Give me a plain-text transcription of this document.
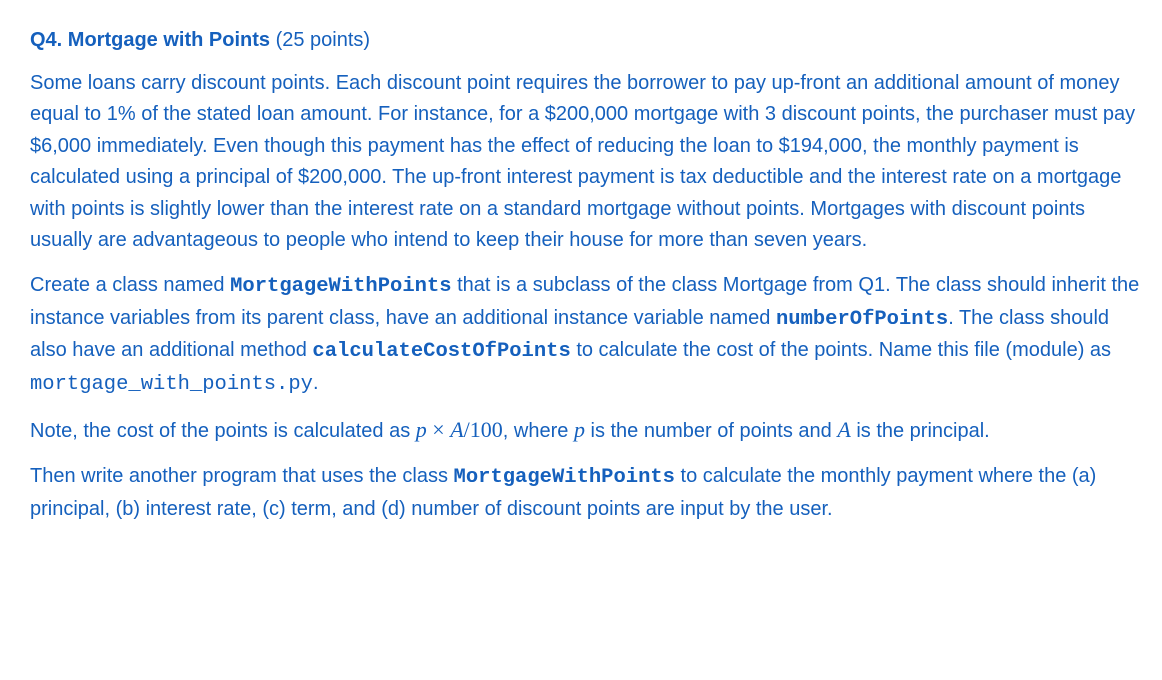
Q4. Mortgage with Points (25 points)

Some loans carry discount points. Each discount point requires the borrower to pay up-front an additional amount of money equal to 1% of the stated loan amount. For instance, for a $200,000 mortgage with 3 discount points, the purchaser must pay $6,000 immediately. Even though this payment has the effect of reducing the loan to $194,000, the monthly payment is calculated using a principal of $200,000. The up-front interest payment is tax deductible and the interest rate on a mortgage with points is slightly lower than the interest rate on a standard mortgage without points. Mortgages with discount points usually are advantageous to people who intend to keep their house for more than seven years.

Create a class named MortgageWithPoints that is a subclass of the class Mortgage from Q1. The class should inherit the instance variables from its parent class, have an additional instance variable named numberOfPoints. The class should also have an additional method calculateCostOfPoints to calculate the cost of the points. Name this file (module) as mortgage_with_points.py.

Note, the cost of the points is calculated as p × A/100, where p is the number of points and A is the principal.

Then write another program that uses the class MortgageWithPoints to calculate the monthly payment where the (a) principal, (b) interest rate, (c) term, and (d) number of discount points are input by the user.
